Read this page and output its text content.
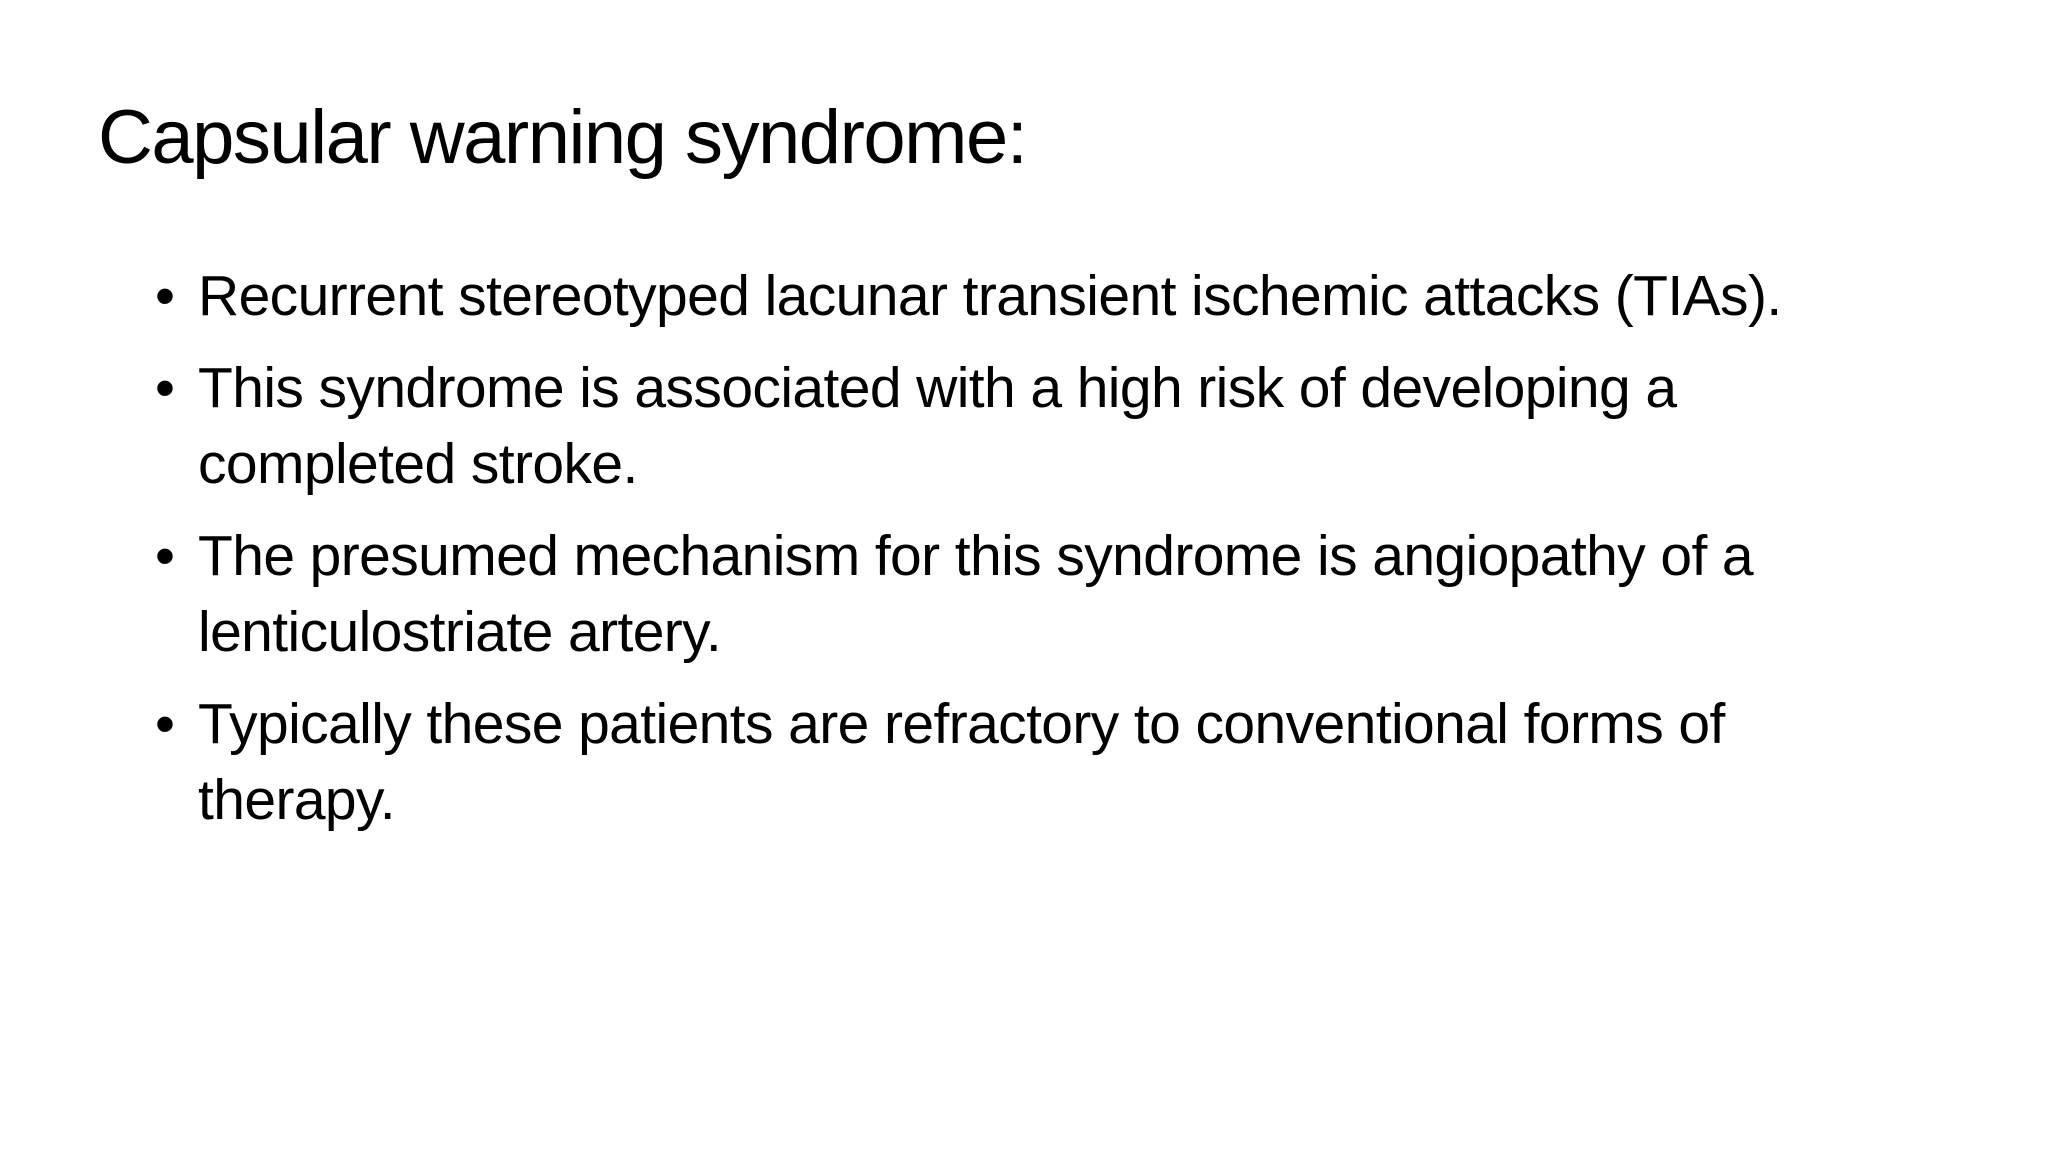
Capsular warning syndrome:
• Recurrent stereotyped lacunar transient ischemic attacks (TIAs).
• This syndrome is associated with a high risk of developing a completed stroke.
• The presumed mechanism for this syndrome is angiopathy of a lenticulostriate artery.
• Typically these patients are refractory to conventional forms of therapy.
